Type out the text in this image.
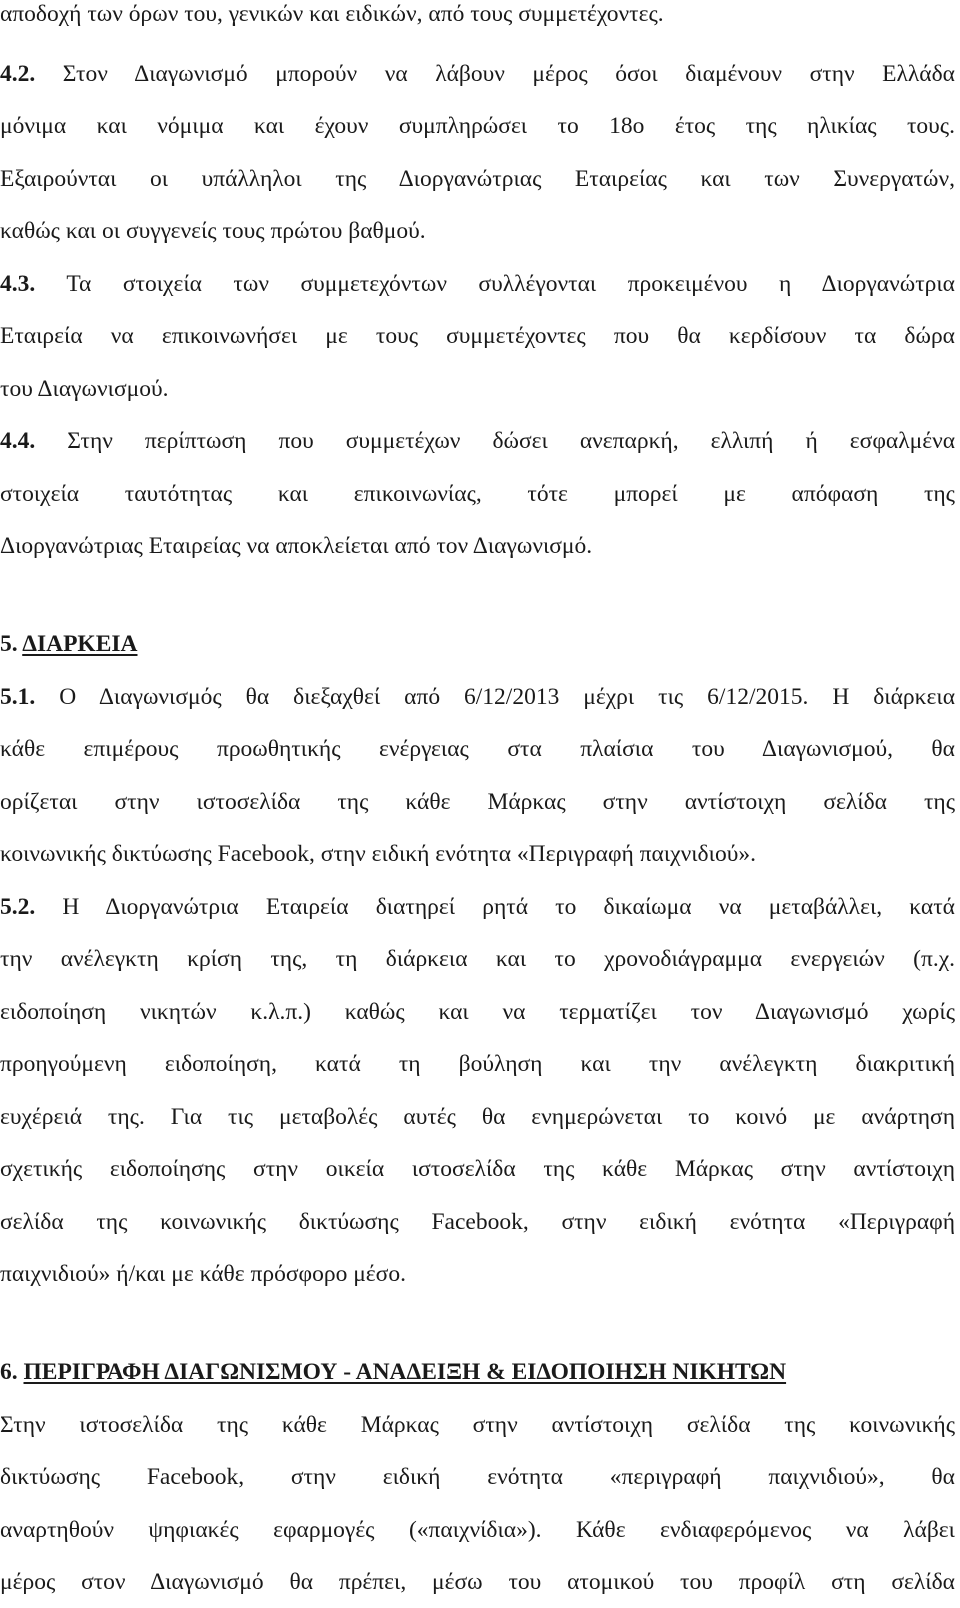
αποδοχή των όρων του, γενικών και ειδικών, από τους συμμετέχοντες.
4.2. Στον Διαγωνισμό μπορούν να λάβουν μέρος όσοι διαμένουν στην Ελλάδα
μόνιμα και νόμιμα και έχουν συμπληρώσει το 18ο έτος της ηλικίας τους.
Εξαιρούνται οι υπάλληλοι της Διοργανώτριας Εταιρείας και των Συνεργατών,
καθώς και οι συγγενείς τους πρώτου βαθμού.
4.3. Τα στοιχεία των συμμετεχόντων συλλέγονται προκειμένου η Διοργανώτρια
Εταιρεία να επικοινωνήσει με τους συμμετέχοντες που θα κερδίσουν τα δώρα
του Διαγωνισμού.
4.4. Στην περίπτωση που συμμετέχων δώσει ανεπαρκή, ελλιπή ή εσφαλμένα
στοιχεία ταυτότητας και επικοινωνίας, τότε μπορεί με απόφαση της
Διοργανώτριας Εταιρείας να αποκλείεται από τον Διαγωνισμό.
5. ΔΙΑΡΚΕΙΑ
5.1. Ο Διαγωνισμός θα διεξαχθεί από 6/12/2013 μέχρι τις 6/12/2015. Η διάρκεια
κάθε επιμέρους προωθητικής ενέργειας στα πλαίσια του Διαγωνισμού, θα
ορίζεται στην ιστοσελίδα της κάθε Μάρκας στην αντίστοιχη σελίδα της
κοινωνικής δικτύωσης Facebook, στην ειδική ενότητα «Περιγραφή παιχνιδιού».
5.2. Η Διοργανώτρια Εταιρεία διατηρεί ρητά το δικαίωμα να μεταβάλλει, κατά
την ανέλεγκτη κρίση της, τη διάρκεια και το χρονοδιάγραμμα ενεργειών (π.χ.
ειδοποίηση νικητών κ.λ.π.) καθώς και να τερματίζει τον Διαγωνισμό χωρίς
προηγούμενη ειδοποίηση, κατά τη βούληση και την ανέλεγκτη διακριτική
ευχέρειά της. Για τις μεταβολές αυτές θα ενημερώνεται το κοινό με ανάρτηση
σχετικής ειδοποίησης στην οικεία ιστοσελίδα της κάθε Μάρκας στην αντίστοιχη
σελίδα της κοινωνικής δικτύωσης Facebook, στην ειδική ενότητα «Περιγραφή
παιχνιδιού» ή/και με κάθε πρόσφορο μέσο.
6. ΠΕΡΙΓΡΑΦΗ ΔΙΑΓΩΝΙΣΜΟΥ - ΑΝΑΔΕΙΞΗ & ΕΙΔΟΠΟΙΗΣΗ ΝΙΚΗΤΩΝ
Στην ιστοσελίδα της κάθε Μάρκας στην αντίστοιχη σελίδα της κοινωνικής
δικτύωσης Facebook, στην ειδική ενότητα «περιγραφή παιχνιδιού», θα
αναρτηθούν ψηφιακές εφαρμογές («παιχνίδια»). Κάθε ενδιαφερόμενος να λάβει
μέρος στον Διαγωνισμό θα πρέπει, μέσω του ατομικού του προφίλ στη σελίδα
